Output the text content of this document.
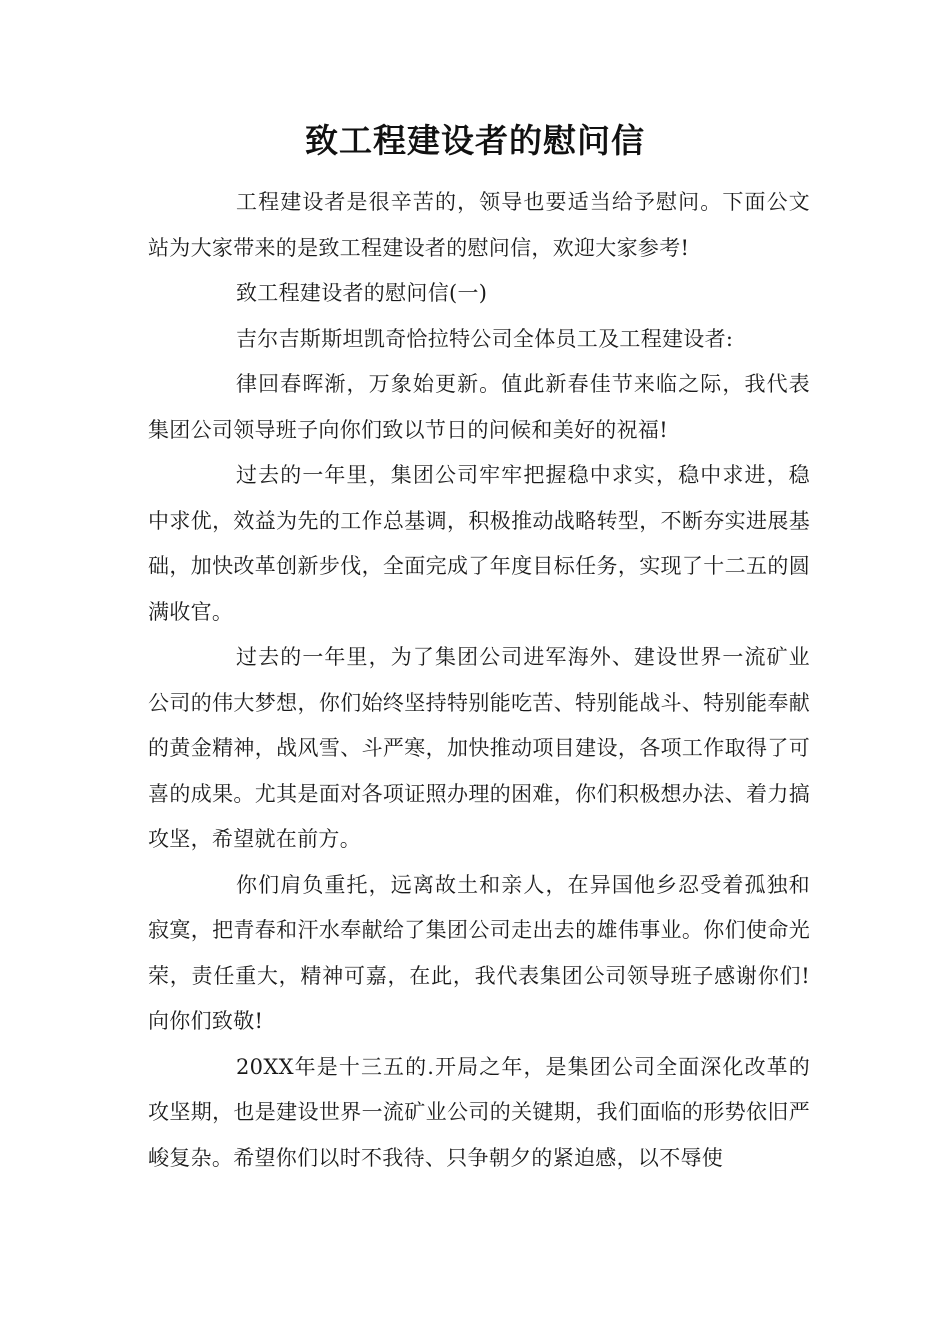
致工程建设者的慰问信

工程建设者是很辛苦的，领导也要适当给予慰问。下面公文站为大家带来的是致工程建设者的慰问信，欢迎大家参考!

致工程建设者的慰问信(一)

吉尔吉斯斯坦凯奇恰拉特公司全体员工及工程建设者:

律回春晖渐，万象始更新。值此新春佳节来临之际，我代表集团公司领导班子向你们致以节日的问候和美好的祝福!

过去的一年里，集团公司牢牢把握稳中求实，稳中求进，稳中求优，效益为先的工作总基调，积极推动战略转型，不断夯实进展基础，加快改革创新步伐，全面完成了年度目标任务，实现了十二五的圆满收官。

过去的一年里，为了集团公司进军海外、建设世界一流矿业公司的伟大梦想，你们始终坚持特别能吃苦、特别能战斗、特别能奉献的黄金精神，战风雪、斗严寒，加快推动项目建设，各项工作取得了可喜的成果。尤其是面对各项证照办理的困难，你们积极想办法、着力搞攻坚，希望就在前方。

你们肩负重托，远离故土和亲人，在异国他乡忍受着孤独和寂寞，把青春和汗水奉献给了集团公司走出去的雄伟事业。你们使命光荣，责任重大，精神可嘉，在此，我代表集团公司领导班子感谢你们!向你们致敬!

20XX年是十三五的.开局之年，是集团公司全面深化改革的攻坚期，也是建设世界一流矿业公司的关键期，我们面临的形势依旧严峻复杂。希望你们以时不我待、只争朝夕的紧迫感，以不辱使
